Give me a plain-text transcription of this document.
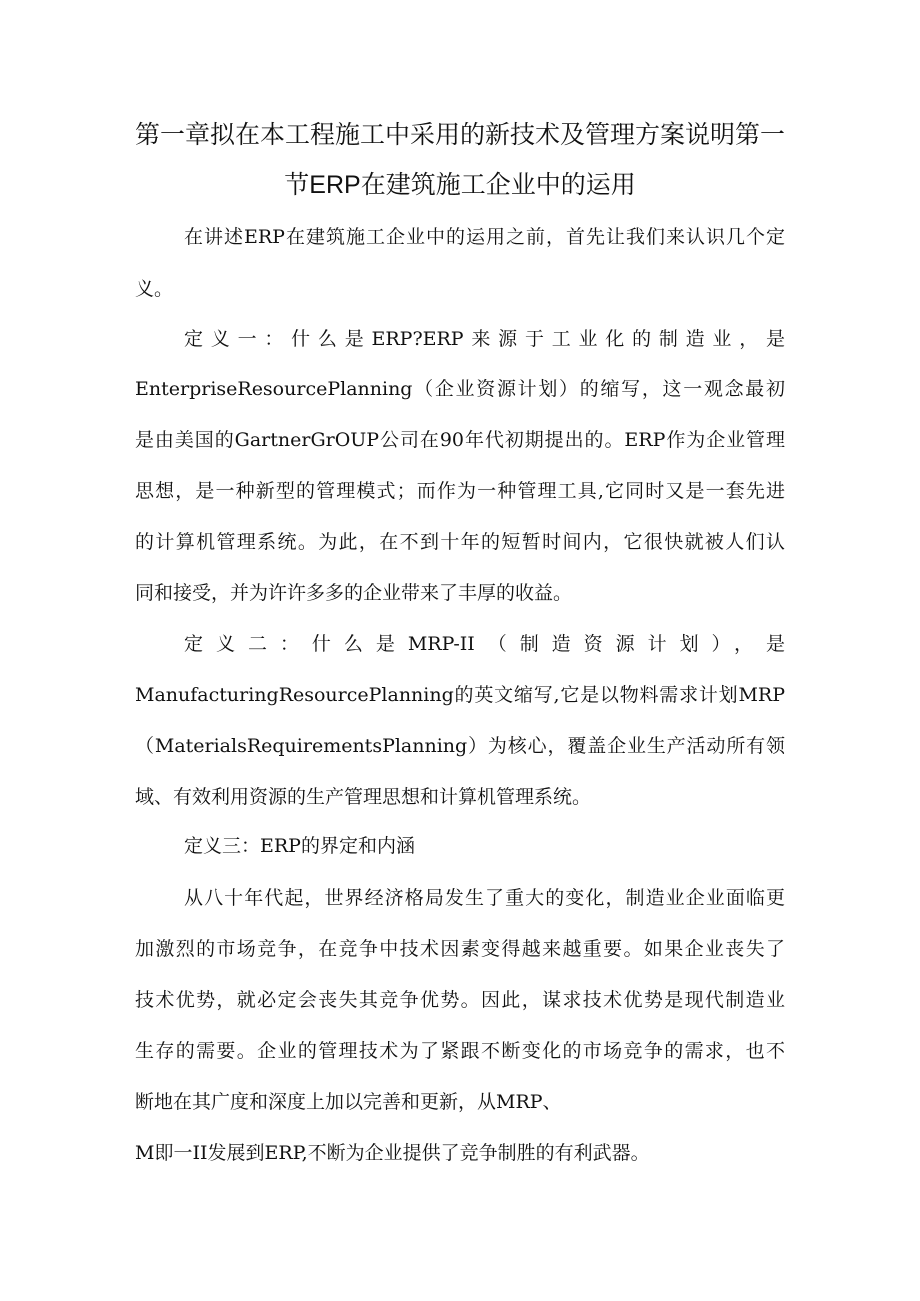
第一章拟在本工程施工中采用的新技术及管理方案说明第一
节ERP在建筑施工企业中的运用

在讲述ERP在建筑施工企业中的运用之前，首先让我们来认识几个定

义。

定义一：什么是ERP?ERP来源于工业化的制造业，是

EnterpriseResourcePlanning（企业资源计划）的缩写，这一观念最初

是由美国的GartnerGrOUP公司在90年代初期提出的。ERP作为企业管理

思想，是一种新型的管理模式；而作为一种管理工具,它同时又是一套先进

的计算机管理系统。为此，在不到十年的短暂时间内，它很快就被人们认

同和接受，并为许许多多的企业带来了丰厚的收益。

定义二：什么是MRP-II（制造资源计划），是

ManufacturingResourcePlanning的英文缩写,它是以物料需求计划MRP

（MaterialsRequirementsPlanning）为核心，覆盖企业生产活动所有领

域、有效利用资源的生产管理思想和计算机管理系统。

定义三：ERP的界定和内涵

从八十年代起，世界经济格局发生了重大的变化，制造业企业面临更

加激烈的市场竞争，在竞争中技术因素变得越来越重要。如果企业丧失了

技术优势，就必定会丧失其竞争优势。因此，谋求技术优势是现代制造业

生存的需要。企业的管理技术为了紧跟不断变化的市场竞争的需求，也不

断地在其广度和深度上加以完善和更新，从MRP、

M即一II发展到ERP,不断为企业提供了竞争制胜的有利武器。
